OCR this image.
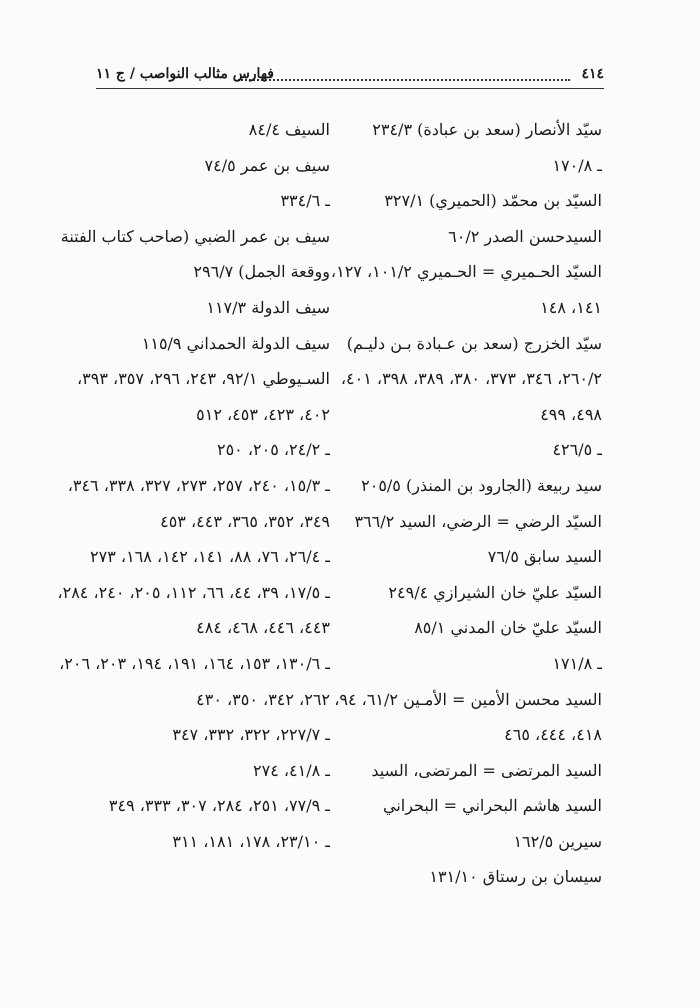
٤١٤
فهارس مثالب النواصب / ج ١١
سيّد الأنصار (سعد بن عبادة) ٢٣٤/٣
ـ ١٧٠/٨
السيّد بن محمّد (الحميري) ٣٢٧/١
السيدحسن الصدر ٦٠/٢
السيّد الحـميري = الحـميري ١٠١/٢، ١٢٧،
١٤١، ١٤٨
سيّد الخزرج (سعد بن عـبادة بـن دليـم)
٢٦٠/٢، ٣٤٦، ٣٧٣، ٣٨٠، ٣٨٩، ٣٩٨، ٤٠١،
٤٩٨، ٤٩٩
ـ ٤٢٦/٥
سيد ربيعة (الجارود بن المنذر) ٢٠٥/٥
السيّد الرضي = الرضي، السيد ٣٦٦/٢
السيد سابق ٧٦/٥
السيّد عليّ خان الشيرازي ٢٤٩/٤
السيّد عليّ خان المدني ٨٥/١
ـ ١٧١/٨
السيد محسن الأمين = الأمـين ٦١/٢، ٩٤،
٤١٨، ٤٤٤، ٤٦٥
السيد المرتضى = المرتضى، السيد
السيد هاشم البحراني = البحراني
سيرين ١٦٢/٥
سيسان بن رستاق ١٣١/١٠
السيف ٨٤/٤
سيف بن عمر ٧٤/٥
ـ ٣٣٤/٦
سيف بن عمر الضبي (صاحب كتاب الفتنة
ووقعة الجمل) ٢٩٦/٧
سيف الدولة ١١٧/٣
سيف الدولة الحمداني ١١٥/٩
السـيوطي ٩٢/١، ٢٤٣، ٢٩٦، ٣٥٧، ٣٩٣،
٤٠٢، ٤٢٣، ٤٥٣، ٥١٢
ـ ٢٤/٢، ٢٠٥، ٢٥٠
ـ ١٥/٣، ٢٤٠، ٢٥٧، ٢٧٣، ٣٢٧، ٣٣٨، ٣٤٦،
٣٤٩، ٣٥٢، ٣٦٥، ٤٤٣، ٤٥٣
ـ ٢٦/٤، ٧٦، ٨٨، ١٤١، ١٤٢، ١٦٨، ٢٧٣
ـ ١٧/٥، ٣٩، ٤٤، ٦٦، ١١٢، ٢٠٥، ٢٤٠، ٢٨٤،
٤٤٣، ٤٤٦، ٤٦٨، ٤٨٤
ـ ١٣٠/٦، ١٥٣، ١٦٤، ١٩١، ١٩٤، ٢٠٣، ٢٠٦،
٢٦٢، ٣٤٢، ٣٥٠، ٤٣٠
ـ ٢٢٧/٧، ٣٢٢، ٣٣٢، ٣٤٧
ـ ٤١/٨، ٢٧٤
ـ ٧٧/٩، ٢٥١، ٢٨٤، ٣٠٧، ٣٣٣، ٣٤٩
ـ ٢٣/١٠، ١٧٨، ١٨١، ٣١١
